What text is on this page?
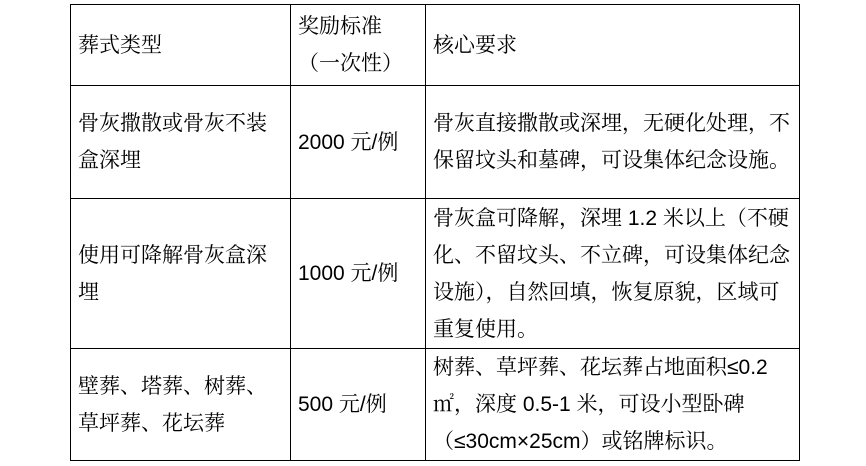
葬式类型	奖励标准（一次性）	核心要求
骨灰撒散或骨灰不装盒深埋	2000 元/例	骨灰直接撒散或深埋，无硬化处理，不保留坟头和墓碑，可设集体纪念设施。
使用可降解骨灰盒深埋	1000 元/例	骨灰盒可降解，深埋 1.2 米以上（不硬化、不留坟头、不立碑，可设集体纪念设施），自然回填，恢复原貌，区域可重复使用。
壁葬、塔葬、树葬、草坪葬、花坛葬	500 元/例	树葬、草坪葬、花坛葬占地面积≤0.2 ㎡，深度 0.5-1 米，可设小型卧碑（≤30cm×25cm）或铭牌标识。
